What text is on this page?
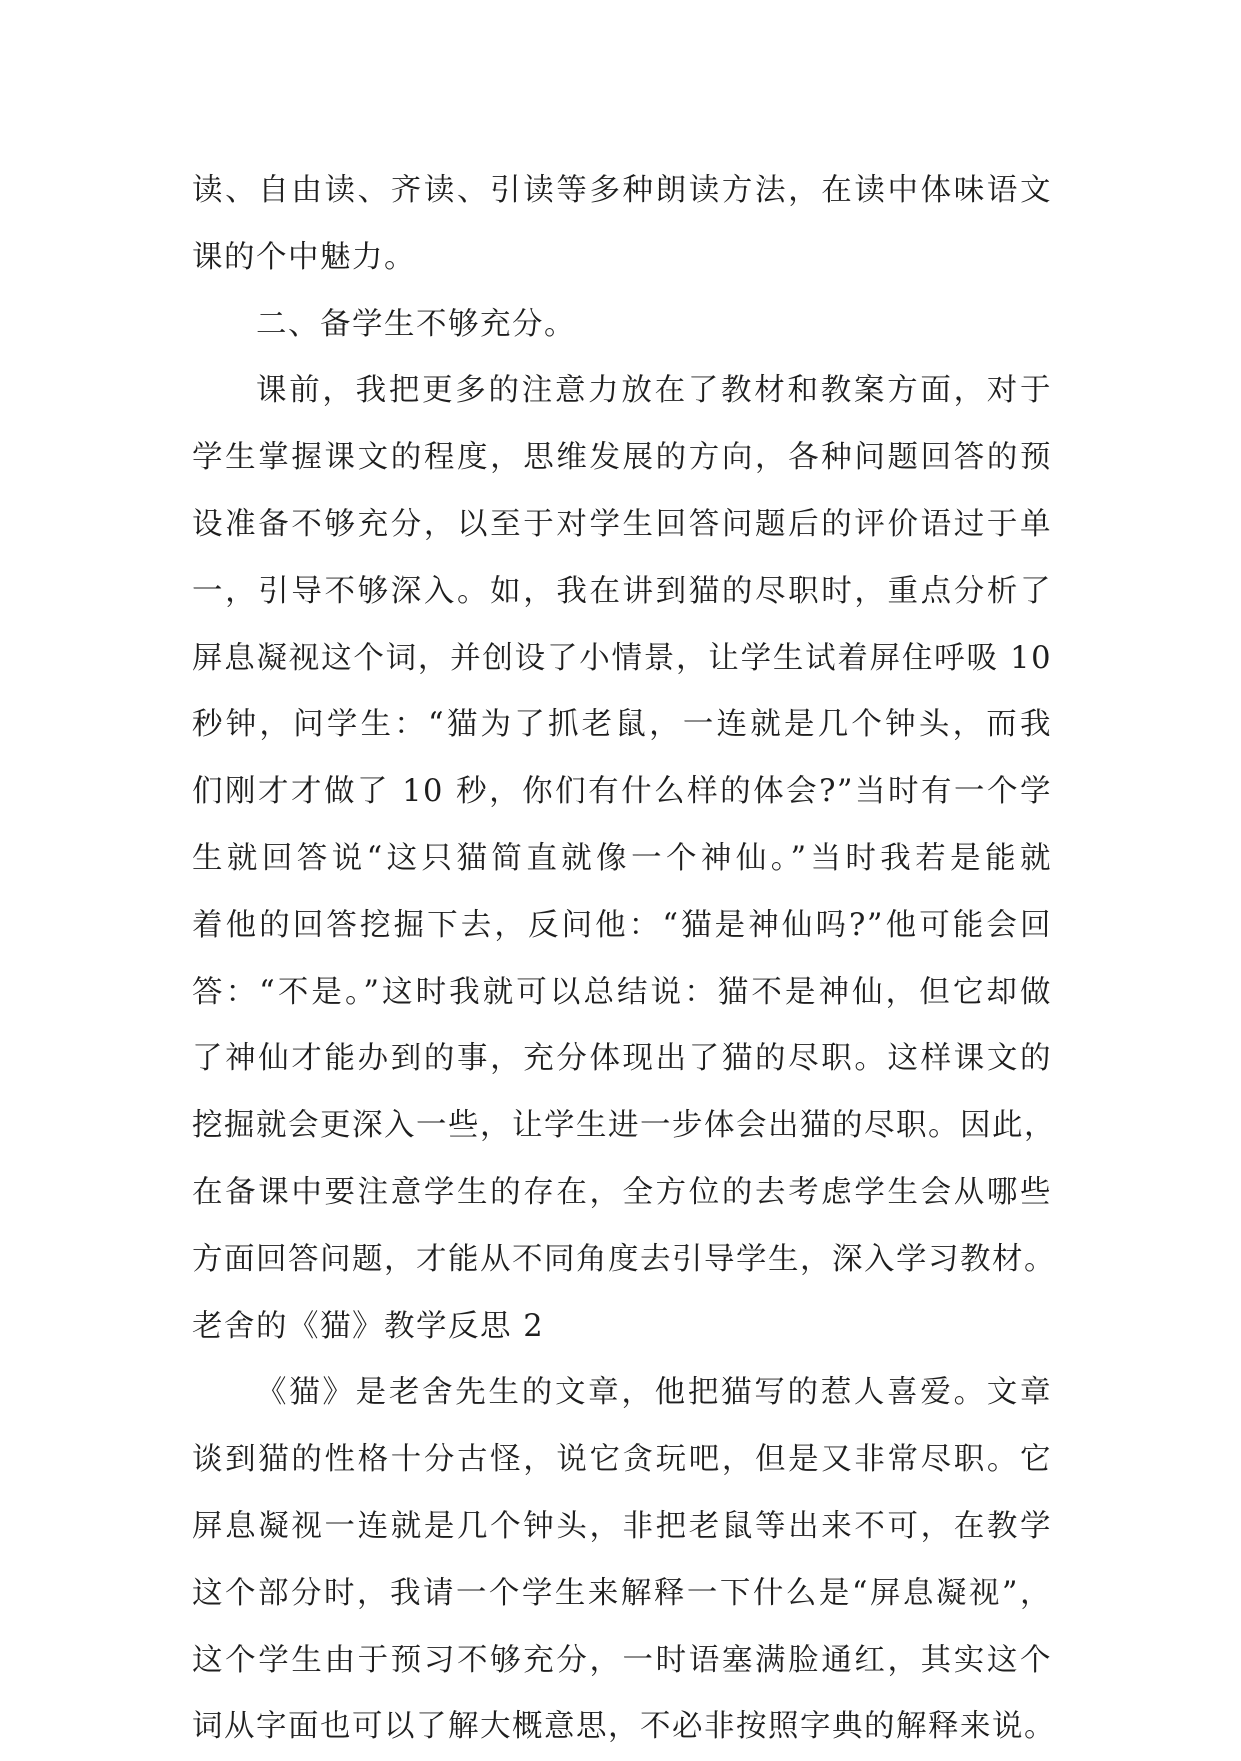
读、自由读、齐读、引读等多种朗读方法，在读中体味语文
课的个中魅力。
二、备学生不够充分。
课前，我把更多的注意力放在了教材和教案方面，对于
学生掌握课文的程度，思维发展的方向，各种问题回答的预
设准备不够充分，以至于对学生回答问题后的评价语过于单
一，引导不够深入。如，我在讲到猫的尽职时，重点分析了
屏息凝视这个词，并创设了小情景，让学生试着屏住呼吸 10
秒钟，问学生：“猫为了抓老鼠，一连就是几个钟头，而我
们刚才才做了 10 秒，你们有什么样的体会?”当时有一个学
生就回答说“这只猫简直就像一个神仙。”当时我若是能就
着他的回答挖掘下去，反问他：“猫是神仙吗?”他可能会回
答：“不是。”这时我就可以总结说：猫不是神仙，但它却做
了神仙才能办到的事，充分体现出了猫的尽职。这样课文的
挖掘就会更深入一些，让学生进一步体会出猫的尽职。因此，
在备课中要注意学生的存在，全方位的去考虑学生会从哪些
方面回答问题，才能从不同角度去引导学生，深入学习教材。
老舍的《猫》教学反思 2
《猫》是老舍先生的文章，他把猫写的惹人喜爱。文章
谈到猫的性格十分古怪，说它贪玩吧，但是又非常尽职。它
屏息凝视一连就是几个钟头，非把老鼠等出来不可，在教学
这个部分时，我请一个学生来解释一下什么是“屏息凝视”，
这个学生由于预习不够充分，一时语塞满脸通红，其实这个
词从字面也可以了解大概意思，不必非按照字典的解释来说。
